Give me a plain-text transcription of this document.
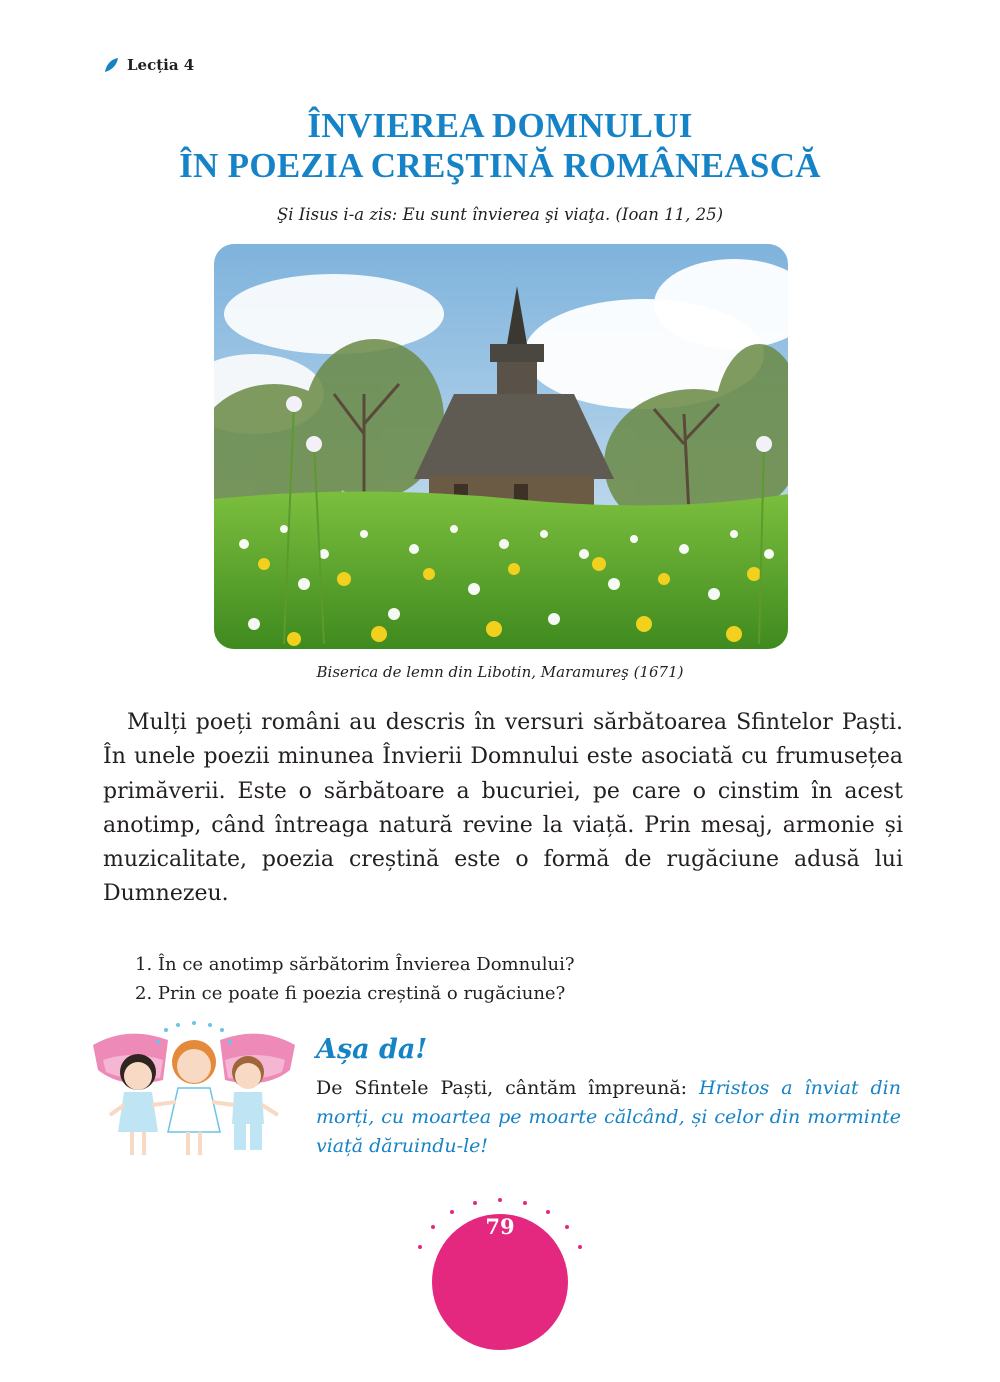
Lecția 4
ÎNVIEREA DOMNULUI
ÎN POEZIA CREŞTINĂ ROMÂNEASCĂ
Şi Iisus i-a zis: Eu sunt învierea şi viaţa. (Ioan 11, 25)
Biserica de lemn din Libotin, Maramureş (1671)

Mulți poeți români au descris în versuri sărbătoarea Sfintelor Paști. În unele poezii minunea Învierii Domnului este asociată cu frumusețea primăverii. Este o sărbătoare a bucuriei, pe care o cinstim în acest anotimp, când întreaga natură revine la viață. Prin mesaj, armonie și muzicalitate, poezia creștină este o formă de rugăciune adusă lui Dumnezeu.

1. În ce anotimp sărbătorim Învierea Domnului?
2. Prin ce poate fi poezia creștină o rugăciune?
Așa da!
De Sfintele Paști, cântăm împreună: Hristos a înviat din morți, cu moartea pe moarte călcând, și celor din morminte viață dăruindu-le!
79
